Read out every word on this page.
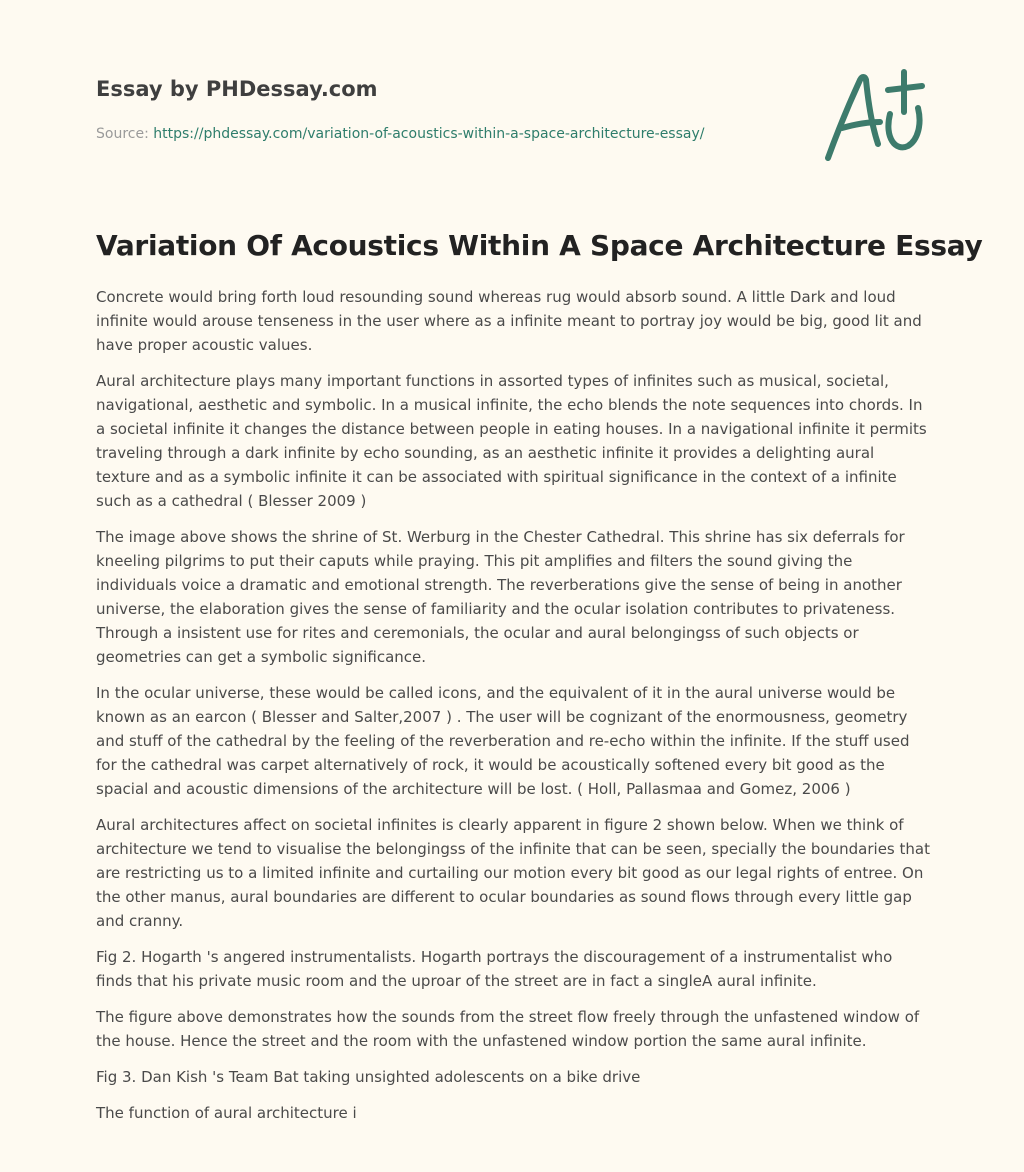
Essay by PHDessay.com
Source: https://phdessay.com/variation-of-acoustics-within-a-space-architecture-essay/
Variation Of Acoustics Within A Space Architecture Essay

Concrete would bring forth loud resounding sound whereas rug would absorb sound. A little Dark and loud infinite would arouse tenseness in the user where as a infinite meant to portray joy would be big, good lit and have proper acoustic values.

Aural architecture plays many important functions in assorted types of infinites such as musical, societal, navigational, aesthetic and symbolic. In a musical infinite, the echo blends the note sequences into chords. In a societal infinite it changes the distance between people in eating houses. In a navigational infinite it permits traveling through a dark infinite by echo sounding, as an aesthetic infinite it provides a delighting aural texture and as a symbolic infinite it can be associated with spiritual significance in the context of a infinite such as a cathedral ( Blesser 2009 )

The image above shows the shrine of St. Werburg in the Chester Cathedral. This shrine has six deferrals for kneeling pilgrims to put their caputs while praying. This pit amplifies and filters the sound giving the individuals voice a dramatic and emotional strength. The reverberations give the sense of being in another universe, the elaboration gives the sense of familiarity and the ocular isolation contributes to privateness. Through a insistent use for rites and ceremonials, the ocular and aural belongingss of such objects or geometries can get a symbolic significance.

In the ocular universe, these would be called icons, and the equivalent of it in the aural universe would be known as an earcon ( Blesser and Salter,2007 ) . The user will be cognizant of the enormousness, geometry and stuff of the cathedral by the feeling of the reverberation and re-echo within the infinite. If the stuff used for the cathedral was carpet alternatively of rock, it would be acoustically softened every bit good as the spacial and acoustic dimensions of the architecture will be lost. ( Holl, Pallasmaa and Gomez, 2006 )

Aural architectures affect on societal infinites is clearly apparent in figure 2 shown below. When we think of architecture we tend to visualise the belongingss of the infinite that can be seen, specially the boundaries that are restricting us to a limited infinite and curtailing our motion every bit good as our legal rights of entree. On the other manus, aural boundaries are different to ocular boundaries as sound flows through every little gap and cranny.

Fig 2. Hogarth 's angered instrumentalists. Hogarth portrays the discouragement of a instrumentalist who finds that his private music room and the uproar of the street are in fact a singleA aural infinite.

The figure above demonstrates how the sounds from the street flow freely through the unfastened window of the house. Hence the street and the room with the unfastened window portion the same aural infinite.

Fig 3. Dan Kish 's Team Bat taking unsighted adolescents on a bike drive

The function of aural architecture i
